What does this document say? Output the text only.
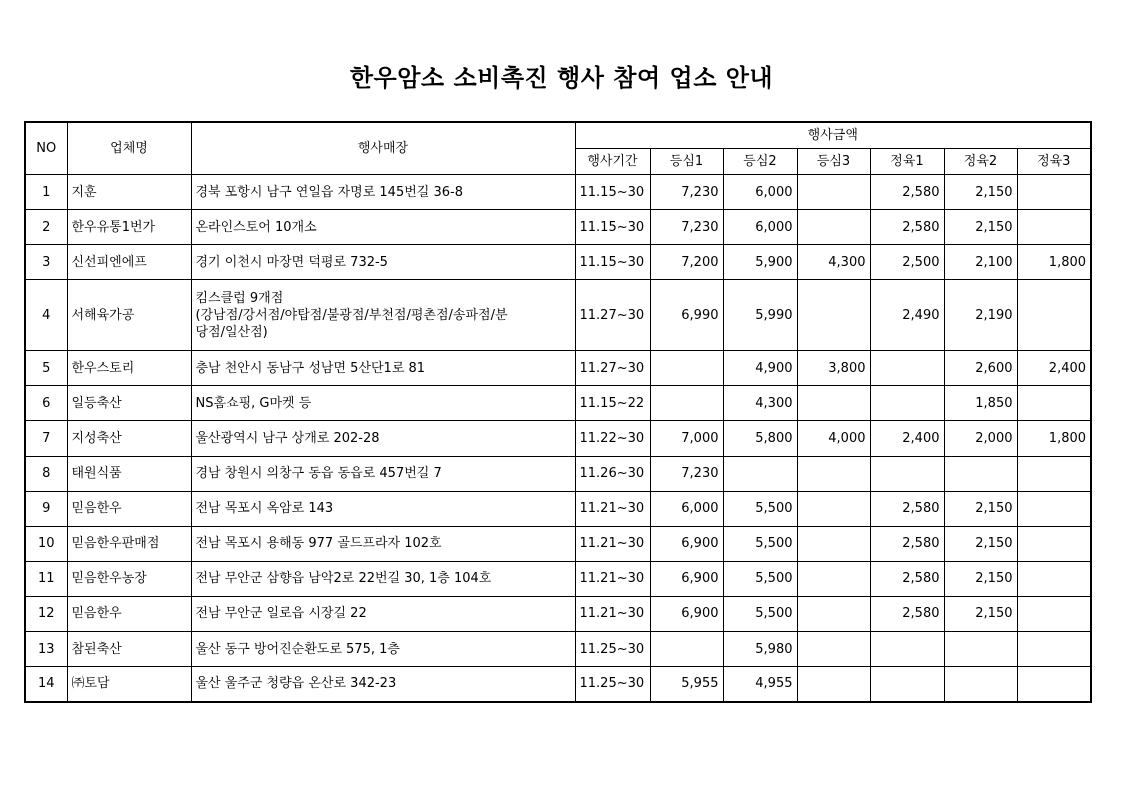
한우암소 소비촉진 행사 참여 업소 안내
NO	업체명	행사매장	행사금액						
			행사기간	등심1	등심2	등심3	정육1	정육2	정육3
1	지훈	경북 포항시 남구 연일읍 자명로 145번길 36-8	11.15~30	7,230	6,000		2,580	2,150	
2	한우유통1번가	온라인스토어 10개소	11.15~30	7,230	6,000		2,580	2,150	
3	신선피엔에프	경기 이천시 마장면 덕평로 732-5	11.15~30	7,200	5,900	4,300	2,500	2,100	1,800
4	서해육가공	킴스클럽 9개점
(강남점/강서점/야탑점/불광점/부천점/평촌점/송파점/분
당점/일산점)	11.27~30	6,990	5,990		2,490	2,190	
5	한우스토리	충남 천안시 동남구 성남면 5산단1로 81	11.27~30		4,900	3,800		2,600	2,400
6	일등축산	NS홈쇼핑, G마켓 등	11.15~22		4,300			1,850	
7	지성축산	울산광역시 남구 상개로 202-28	11.22~30	7,000	5,800	4,000	2,400	2,000	1,800
8	태원식품	경남 창원시 의창구 동읍 동읍로 457번길 7	11.26~30	7,230					
9	믿음한우	전남 목포시 옥암로 143	11.21~30	6,000	5,500		2,580	2,150	
10	믿음한우판매점	전남 목포시 용해동 977 골드프라자 102호	11.21~30	6,900	5,500		2,580	2,150	
11	믿음한우농장	전남 무안군 삼향읍 남악2로 22번길 30, 1층 104호	11.21~30	6,900	5,500		2,580	2,150	
12	믿음한우	전남 무안군 일로읍 시장길 22	11.21~30	6,900	5,500		2,580	2,150	
13	참된축산	울산 동구 방어진순환도로 575, 1층	11.25~30		5,980				
14	㈜토담	울산 울주군 청량읍 온산로 342-23	11.25~30	5,955	4,955				
